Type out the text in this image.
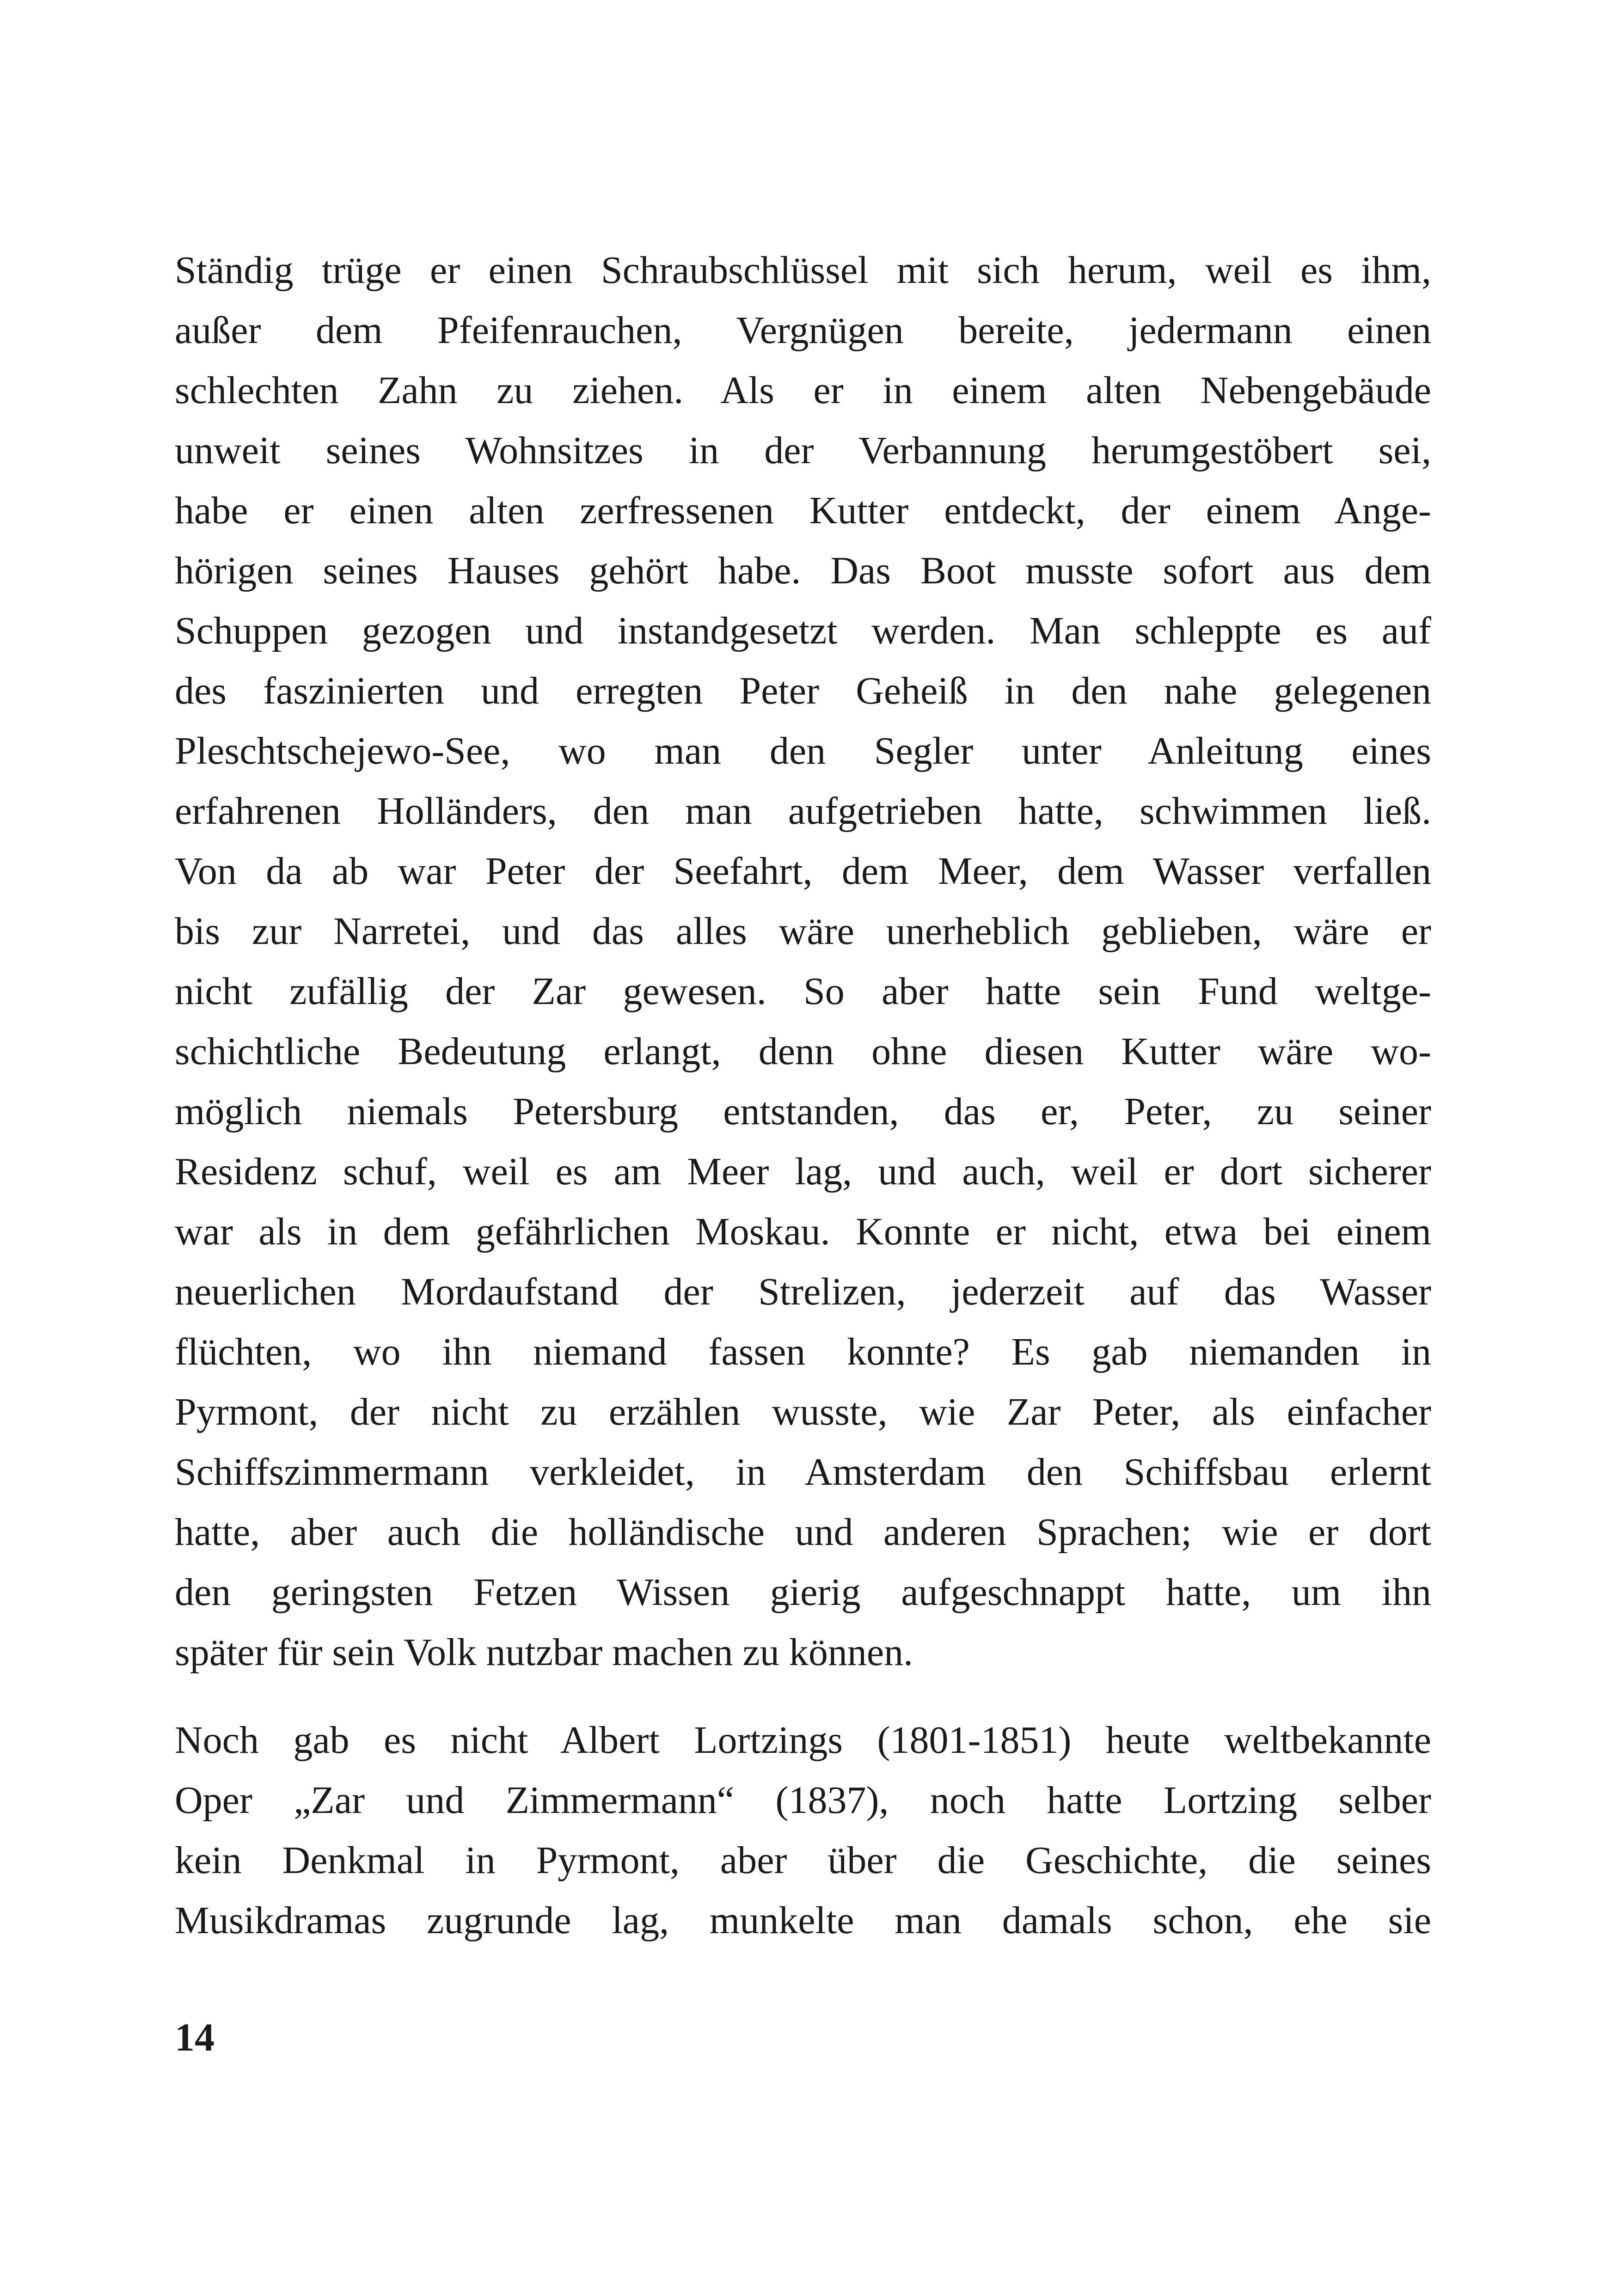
Ständig trüge er einen Schraubschlüssel mit sich herum, weil es ihm,
außer dem Pfeifenrauchen, Vergnügen bereite, jedermann einen
schlechten Zahn zu ziehen. Als er in einem alten Nebengebäude
unweit seines Wohnsitzes in der Verbannung herumgestöbert sei,
habe er einen alten zerfressenen Kutter entdeckt, der einem Ange-
hörigen seines Hauses gehört habe. Das Boot musste sofort aus dem
Schuppen gezogen und instandgesetzt werden. Man schleppte es auf
des faszinierten und erregten Peter Geheiß in den nahe gelegenen
Pleschtschejewo-See, wo man den Segler unter Anleitung eines
erfahrenen Holländers, den man aufgetrieben hatte, schwimmen ließ.
Von da ab war Peter der Seefahrt, dem Meer, dem Wasser verfallen
bis zur Narretei, und das alles wäre unerheblich geblieben, wäre er
nicht zufällig der Zar gewesen. So aber hatte sein Fund weltge-
schichtliche Bedeutung erlangt, denn ohne diesen Kutter wäre wo-
möglich niemals Petersburg entstanden, das er, Peter, zu seiner
Residenz schuf, weil es am Meer lag, und auch, weil er dort sicherer
war als in dem gefährlichen Moskau. Konnte er nicht, etwa bei einem
neuerlichen Mordaufstand der Strelizen, jederzeit auf das Wasser
flüchten, wo ihn niemand fassen konnte? Es gab niemanden in
Pyrmont, der nicht zu erzählen wusste, wie Zar Peter, als einfacher
Schiffszimmermann verkleidet, in Amsterdam den Schiffsbau erlernt
hatte, aber auch die holländische und anderen Sprachen; wie er dort
den geringsten Fetzen Wissen gierig aufgeschnappt hatte, um ihn
später für sein Volk nutzbar machen zu können.
Noch gab es nicht Albert Lortzings (1801-1851) heute weltbekannte
Oper „Zar und Zimmermann“ (1837), noch hatte Lortzing selber
kein Denkmal in Pyrmont, aber über die Geschichte, die seines
Musikdramas zugrunde lag, munkelte man damals schon, ehe sie
14
